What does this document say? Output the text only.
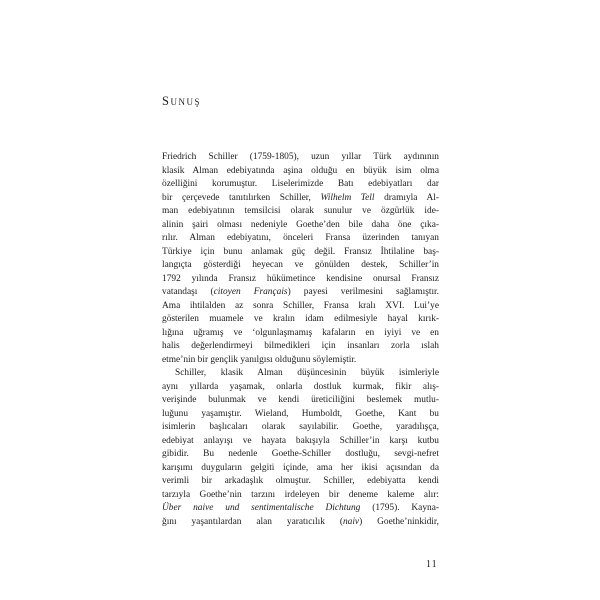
Sunuş
Friedrich Schiller (1759-1805), uzun yıllar Türk aydınının
klasik Alman edebiyatında aşina olduğu en büyük isim olma
özelliğini korumuştur. Liselerimizde Batı edebiyatları dar
bir çerçevede tanıtılırken Schiller, Wilhelm Tell dramıyla Al-
man edebiyatının temsilcisi olarak sunulur ve özgürlük ide-
alinin şairi olması nedeniyle Goethe’den bile daha öne çıka-
rılır. Alman edebiyatını, önceleri Fransa üzerinden tanıyan
Türkiye için bunu anlamak güç değil. Fransız İhtilaline baş-
langıçta gösterdiği heyecan ve gönülden destek, Schiller’in
1792 yılında Fransız hükümetince kendisine onursal Fransız
vatandaşı (citoyen Français) payesi verilmesini sağlamıştır.
Ama ihtilalden az sonra Schiller, Fransa kralı XVI. Lui’ye
gösterilen muamele ve kralın idam edilmesiyle hayal kırık-
lığına uğramış ve ‘olgunlaşmamış kafaların en iyiyi ve en
halis değerlendirmeyi bilmedikleri için insanları zorla ıslah
etme’nin bir gençlik yanılgısı olduğunu söylemiştir.
Schiller, klasik Alman düşüncesinin büyük isimleriyle
aynı yıllarda yaşamak, onlarla dostluk kurmak, fikir alış-
verişinde bulunmak ve kendi üreticiliğini beslemek mutlu-
luğunu yaşamıştır. Wieland, Humboldt, Goethe, Kant bu
isimlerin başlıcaları olarak sayılabilir. Goethe, yaradılışça,
edebiyat anlayışı ve hayata bakışıyla Schiller’in karşı kutbu
gibidir. Bu nedenle Goethe-Schiller dostluğu, sevgi-nefret
karışımı duyguların gelgiti içinde, ama her ikisi açısından da
verimli bir arkadaşlık olmuştur. Schiller, edebiyatta kendi
tarzıyla Goethe’nin tarzını irdeleyen bir deneme kaleme alır:
Über naive und sentimentalische Dichtung (1795). Kayna-
ğını yaşantılardan alan yaratıcılık (naiv) Goethe’ninkidir,
11
